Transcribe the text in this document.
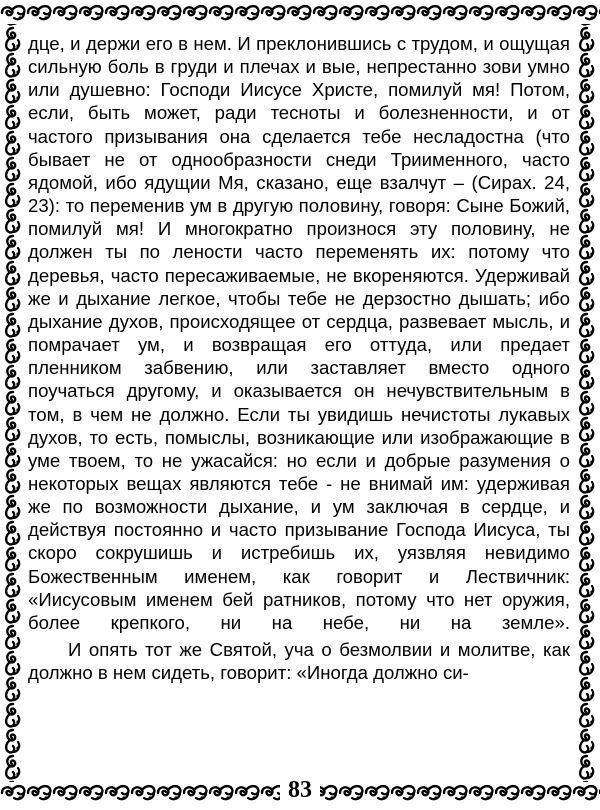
дце, и держи его в нем. И преклонившись с трудом, и ощущая сильную боль в груди и плечах и вые, непрестанно зови умно или душевно: Господи Иисусе Христе, помилуй мя! Потом, если, быть может, ради тесноты и болезненности, и от частого призывания она сделается тебе несладостна (что бывает не от однообразности снеди Триименного, часто ядомой, ибо ядущии Мя, сказано, еще взалчут – (Сирах. 24, 23): то переменив ум в другую половину, говоря: Сыне Божий, помилуй мя! И многократно произнося эту половину, не должен ты по лености часто переменять их: потому что деревья, часто пересаживаемые, не вкореняются. Удерживай же и дыхание легкое, чтобы тебе не дерзостно дышать; ибо дыхание духов, происходящее от сердца, развевает мысль, и помрачает ум, и возвращая его оттуда, или предает пленником забвению, или заставляет вместо одного поучаться другому, и оказывается он нечувствительным в том, в чем не должно. Если ты увидишь нечистоты лукавых духов, то есть, помыслы, возникающие или изображающие в уме твоем, то не ужасайся: но если и добрые разумения о некоторых вещах являются тебе - не внимай им: удерживая же по возможности дыхание, и ум заключая в сердце, и действуя постоянно и часто призывание Господа Иисуса, ты скоро сокрушишь и истребишь их, уязвляя невидимо Божественным именем, как говорит и Лествичник: «Иисусовым именем бей ратников, потому что нет оружия, более крепкого, ни на небе, ни на земле».

И опять тот же Святой, уча о безмолвии и молитве, как должно в нем сидеть, говорит: «Иногда должно си-

83
